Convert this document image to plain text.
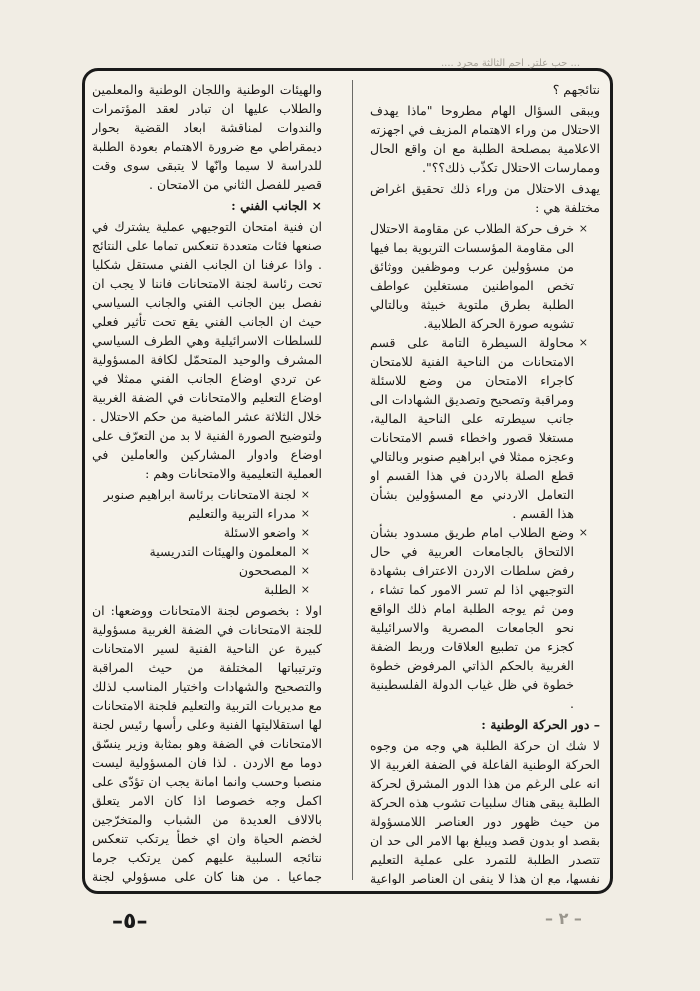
... حب علتر. أحم الثالثة محرد ....

نتائجهم ؟

ويبقى السؤال الهام مطروحا "ماذا يهدف الاحتلال من وراء الاهتمام المزيف في اجهزته الاعلامية بمصلحة الطلبة مع ان واقع الحال وممارسات الاحتلال تكذّب ذلك؟؟".

يهدف الاحتلال من وراء ذلك تحقيق اغراض مختلفة هي :

× خرف حركة الطلاب عن مقاومة الاحتلال الى مقاومة المؤسسات التربوية بما فيها من مسؤولين عرب وموظفين ووثائق تخص المواطنين مستغلين عواطف الطلبة بطرق ملتوية خبيثة وبالتالي تشويه صورة الحركة الطلابية.
× محاولة السيطرة التامة على قسم الامتحانات من الناحية الفنية للامتحان كاجراء الامتحان من وضع للاسئلة ومراقبة وتصحيح وتصديق الشهادات الى جانب سيطرته على الناحية المالية، مستغلا قصور واخطاء قسم الامتحانات وعجزه ممثلا في ابراهيم صنوبر وبالتالي قطع الصلة بالاردن في هذا القسم او التعامل الاردني مع المسؤولين بشأن هذا القسم .
× وضع الطلاب امام طريق مسدود بشأن الالتحاق بالجامعات العربية في حال رفض سلطات الاردن الاعتراف بشهادة التوجيهي اذا لم تسر الامور كما تشاء ، ومن ثم يوجه الطلبة امام ذلك الواقع نحو الجامعات المصرية والاسرائيلية كجزء من تطبيع العلاقات وربط الضفة الغربية بالحكم الذاتي المرفوض خطوة خطوة في ظل غياب الدولة الفلسطينية .

– دور الحركة الوطنية :

لا شك ان حركة الطلبة هي وجه من وجوه الحركة الوطنية الفاعلة في الضفة الغربية الا انه على الرغم من هذا الدور المشرق لحركة الطلبة يبقى هناك سلبيات تشوب هذه الحركة من حيث ظهور دور العناصر اللامسؤولة بقصد او بدون قصد ويبلغ بها الامر الى حد ان تتصدر الطلبة للتمرد على عملية التعليم نفسها، مع ان هذا لا ينفي ان العناصر الواعية

والهيئات الوطنية واللجان الوطنية والمعلمين والطلاب عليها ان تبادر لعقد المؤتمرات والندوات لمناقشة ابعاد القضية بحوار ديمقراطي مع ضرورة الاهتمام بعودة الطلبة للدراسة لا سيما وانّها لا يتبقى سوى وقت قصير للفصل الثاني من الامتحان .

× الجانب الفني :

ان فنية امتحان التوجيهي عملية يشترك في صنعها فئات متعددة تنعكس تماما على النتائج . واذا عرفنا ان الجانب الفني مستقل شكليا تحت رئاسة لجنة الامتحانات فاننا لا يجب ان نفصل بين الجانب الفني والجانب السياسي حيث ان الجانب الفني يقع تحت تأثير فعلي للسلطات الاسرائيلية وهي الطرف السياسي المشرف والوحيد المتحمّل لكافة المسؤولية عن تردي اوضاع الجانب الفني ممثلا في اوضاع التعليم والامتحانات في الضفة الغربية خلال الثلاثة عشر الماضية من حكم الاحتلال . ولتوضيح الصورة الفنية لا بد من التعرّف على اوضاع وادوار المشاركين والعاملين في العملية التعليمية والامتحانات وهم :

× لجنة الامتحانات برئاسة ابراهيم صنوبر
× مدراء التربية والتعليم
× واضعو الاسئلة
× المعلمون والهيئات التدريسية
× المصححون
× الطلبة

اولا : بخصوص لجنة الامتحانات ووضعها: ان للجنة الامتحانات في الضفة الغربية مسؤولية كبيرة عن الناحية الفنية لسير الامتحانات وترتيباتها المختلفة من حيث المراقبة والتصحيح والشهادات واختيار المناسب لذلك مع مديريات التربية والتعليم فلجنة الامتحانات لها استقلاليتها الفنية وعلى رأسها رئيس لجنة الامتحانات في الضفة وهو بمثابة وزير ينسّق دوما مع الاردن . لذا فان المسؤولية ليست منصبا وحسب وانما امانة يجب ان تؤدّى على اكمل وجه خصوصا اذا كان الامر يتعلق بالالاف العديدة من الشباب والمتخرّجين لخضم الحياة وان اي خطأ يرتكب تنعكس نتائجه السلبية عليهم كمن يرتكب جرما جماعيا . من هنا كان على مسؤولي لجنة

–٥–	– ٢ –
